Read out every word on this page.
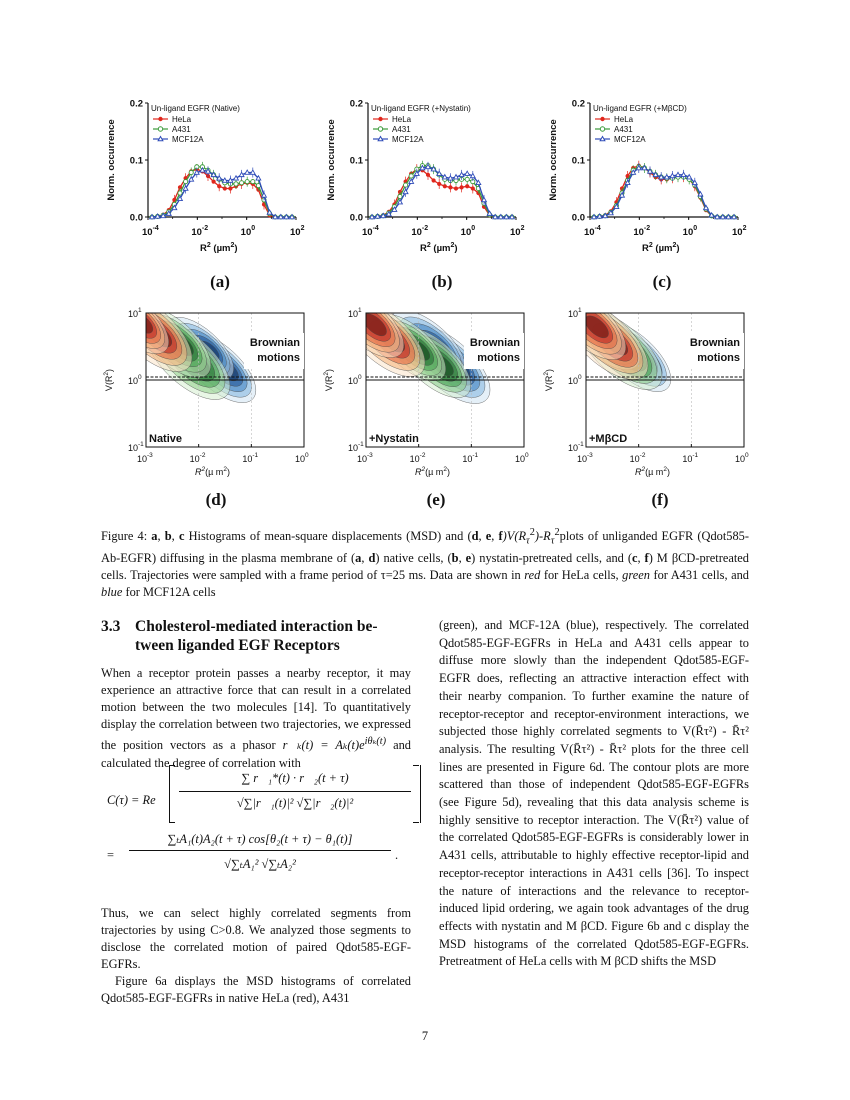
0.0
0.1
0.2
$10^{-4}$	$10^{-2}$	$10^0$	$10^2$
Norm. occurrence
$R^2$ (µm$^2$)
Un-ligand EGFR (Native)
HeLa
A431
MCF12A
0.0
0.1
0.2
$10^{-4}$	$10^{-2}$	$10^0$	$10^2$
Norm. occurrence
$R^2$ (µm$^2$)
Un-ligand EGFR (+Nystatin)
HeLa
A431
MCF12A
0.0
0.1
0.2
$10^{-4}$	$10^{-2}$	$10^0$	$10^2$
Norm. occurrence
$R^2$ (µm$^2$)
Un-ligand EGFR (+MβCD)
HeLa
A431
MCF12A
(a)	(b)	(c)
Brownian
motions
Native
$10^1$
$10^0$
$10^{-1}$
$10^{-3}$	$10^{-2}$	$10^{-1}$	$10^0$
$V(R^2)$
$R^2(\mu$ $m^2$)
Brownian
motions
+Nystatin
$10^1$
$10^0$
$10^{-1}$
$10^{-3}$	$10^{-2}$	$10^{-1}$	$10^0$
$V(R^2)$
$R^2(\mu$ $m^2$)
Brownian
motions
+MβCD
$10^1$
$10^0$
$10^{-1}$
$10^{-3}$	$10^{-2}$	$10^{-1}$	$10^0$
$V(R^2)$
$R^2(\mu$ $m^2$)
(d)	(e)	(f)
Figure 4: a, b, c Histograms of mean-square displacements (MSD) and (d, e, $f)V(R_\tau^2)-R_\tau^2plots$ of unliganded EGFR (Qdot585-Ab-EGFR) diffusing in the plasma membrane of (a, d) native cells, (b, e) nystatin-pretreated cells, and (c, f) M βCD-pretreated cells. Trajectories were sampled with a frame period of τ=25 ms. Data are shown in red for HeLa cells, green for A431 cells, and blue for MCF12A cells
3.3 Cholesterol-mediated interaction be-
tween liganded EGF Receptors

When a receptor protein passes a nearby receptor, it may experience an attractive force that can result in a correlated motion between the two molecules [14]. To quantitatively display the correlation between two trajectories, we expressed the position vectors as a phasor r⃗ₖ(t) = $A_k(t)e^{i\theta_k(t)}$ and calculated the degree of correlation with

C(τ) = Re
∑ r⃗₁*(t) · r⃗₂(t + τ)
√∑|r⃗₁(t)|² √∑|r⃗₂(t)|²
=
∑ₜA₁(t)A₂(t + τ) cos[θ₂(t + τ) − θ₁(t)]
√∑ₜA₁² √∑ₜA₂²
.

Thus, we can select highly correlated segments from trajectories by using C>0.8. We analyzed those segments to disclose the correlated motion of paired Qdot585-EGF-EGFRs.

Figure 6a displays the MSD histograms of correlated Qdot585-EGF-EGFRs in native HeLa (red), A431

(green), and MCF-12A (blue), respectively. The correlated Qdot585-EGF-EGFRs in HeLa and A431 cells appear to diffuse more slowly than the independent Qdot585-EGF-EGFR does, reflecting an attractive interaction effect with their nearby companion. To further examine the nature of receptor-receptor and receptor-environment interactions, we subjected those highly correlated segments to V(R̄τ²) - R̄τ² analysis. The resulting V(R̄τ²) - R̄τ² plots for the three cell lines are presented in Figure 6d. The contour plots are more scattered than those of independent Qdot585-EGF-EGFRs (see Figure 5d), revealing that this data analysis scheme is highly sensitive to receptor interaction. The V(R̄τ²) value of the correlated Qdot585-EGF-EGFRs is considerably lower in A431 cells, attributable to highly effective receptor-lipid and receptor-receptor interactions in A431 cells [36]. To inspect the nature of interactions and the relevance to receptor-induced lipid ordering, we again took advantages of the drug effects with nystatin and M βCD. Figure 6b and c display the MSD histograms of the correlated Qdot585-EGF-EGFRs. Pretreatment of HeLa cells with M βCD shifts the MSD

7
